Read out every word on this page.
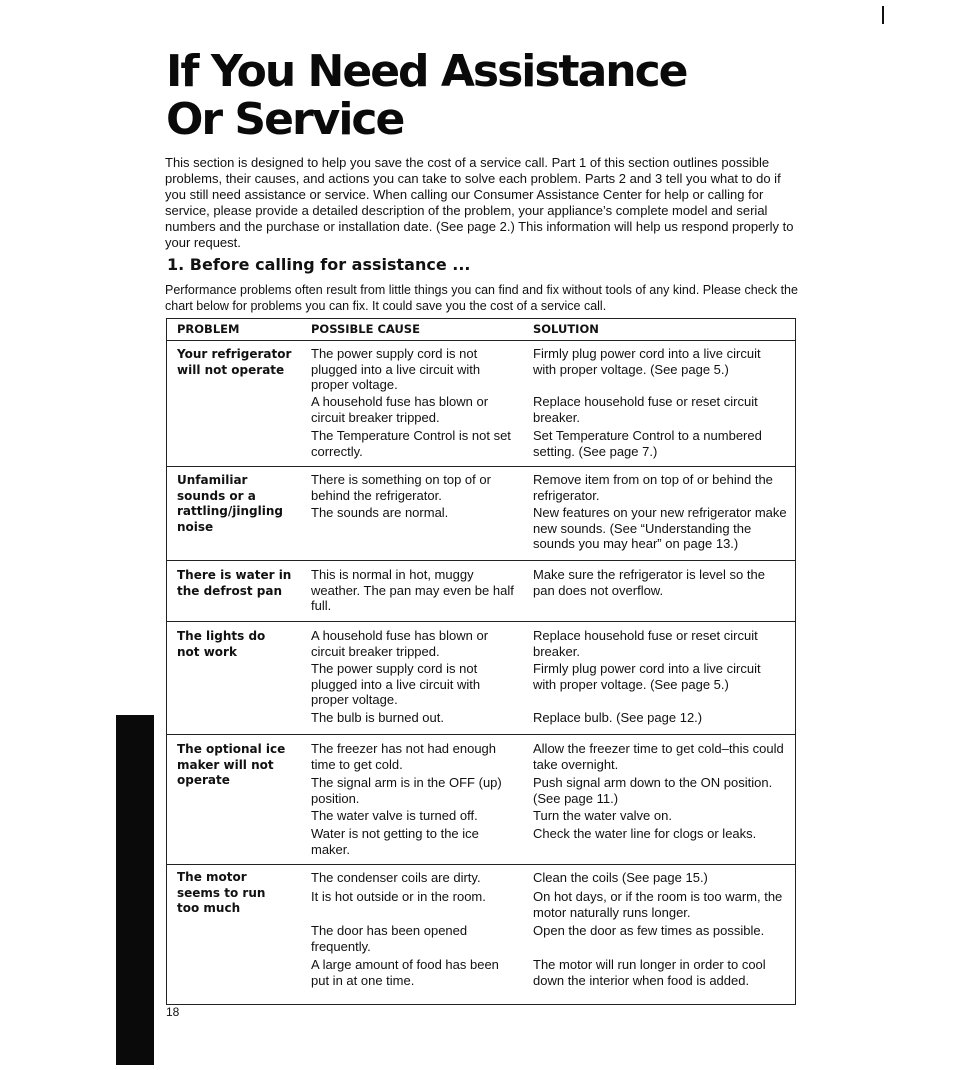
If You Need Assistance
Or Service

This section is designed to help you save the cost of a service call. Part 1 of this section outlines possible problems, their causes, and actions you can take to solve each problem. Parts 2 and 3 tell you what to do if you still need assistance or service. When calling our Consumer Assistance Center for help or calling for service, please provide a detailed description of the problem, your appliance’s complete model and serial numbers and the purchase or installation date. (See page 2.) This information will help us respond properly to your request.

1. Before calling for assistance ...

Performance problems often result from little things you can find and fix without tools of any kind. Please check the chart below for problems you can fix. It could save you the cost of a service call.

PROBLEM	POSSIBLE CAUSE	SOLUTION
Your refrigerator
will not operate
The power supply cord is not plugged into a live circuit with proper voltage.
A household fuse has blown or circuit breaker tripped.
The Temperature Control is not set correctly.
Firmly plug power cord into a live circuit with proper voltage. (See page 5.)
Replace household fuse or reset circuit breaker.
Set Temperature Control to a numbered setting. (See page 7.)
Unfamiliar
sounds or a
rattling/jingling
noise
There is something on top of or behind the refrigerator.
The sounds are normal.
Remove item from on top of or behind the refrigerator.
New features on your new refrigerator make new sounds. (See “Understanding the sounds you may hear” on page 13.)
There is water in
the defrost pan
This is normal in hot, muggy weather. The pan may even be half full.
Make sure the refrigerator is level so the pan does not overflow.
The lights do
not work
A household fuse has blown or circuit breaker tripped.
The power supply cord is not plugged into a live circuit with proper voltage.
The bulb is burned out.
Replace household fuse or reset circuit breaker.
Firmly plug power cord into a live circuit with proper voltage. (See page 5.)
Replace bulb. (See page 12.)
The optional ice
maker will not
operate
The freezer has not had enough time to get cold.
The signal arm is in the OFF (up) position.
The water valve is turned off.
Water is not getting to the ice maker.
Allow the freezer time to get cold–this could take overnight.
Push signal arm down to the ON position. (See page 11.)
Turn the water valve on.
Check the water line for clogs or leaks.
The motor
seems to run
too much
The condenser coils are dirty.
It is hot outside or in the room.
The door has been opened frequently.
A large amount of food has been put in at one time.
Clean the coils (See page 15.)
On hot days, or if the room is too warm, the motor naturally runs longer.
Open the door as few times as possible.
The motor will run longer in order to cool down the interior when food is added.
18
